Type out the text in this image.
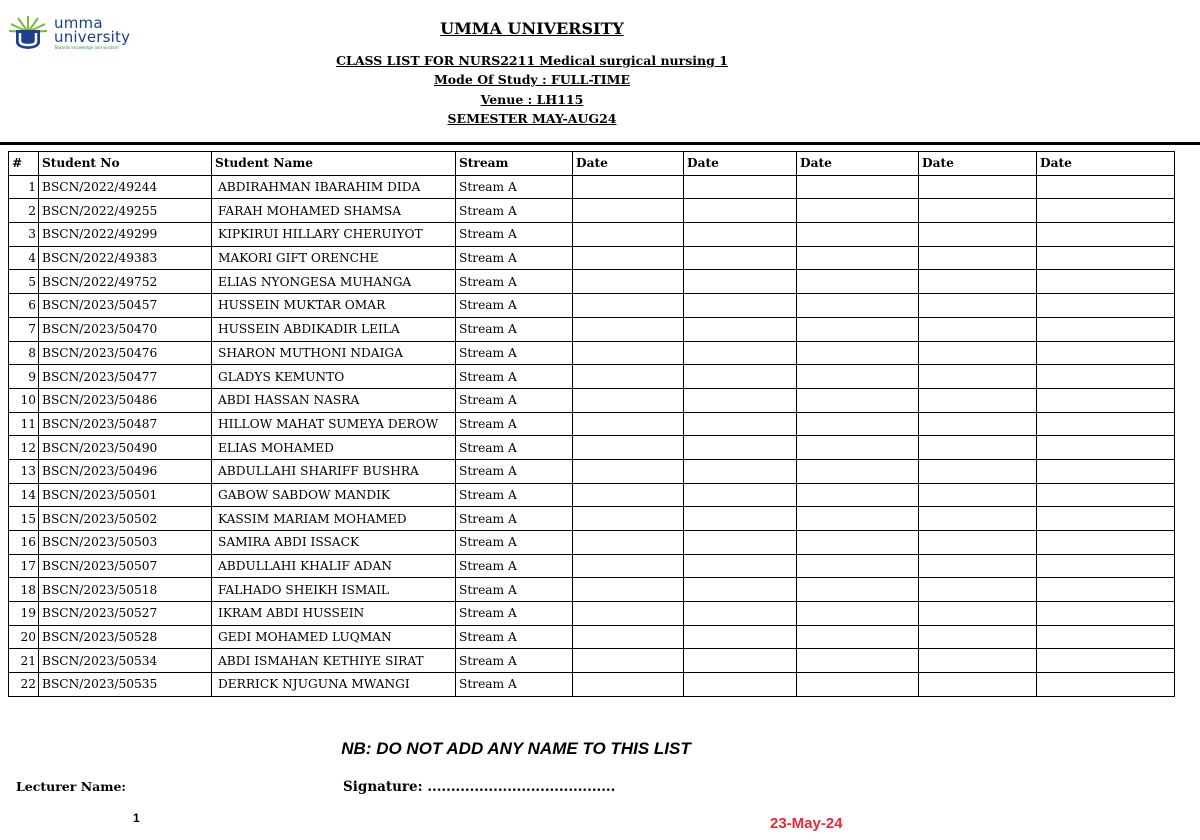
umma
university
Towards knowledge and wisdom
UMMA UNIVERSITY
CLASS LIST FOR NURS2211 Medical surgical nursing 1
Mode Of Study : FULL-TIME
Venue : LH115
SEMESTER MAY-AUG24
#	Student No	Student Name	Stream	Date	Date	Date	Date	Date
1	BSCN/2022/49244	ABDIRAHMAN IBARAHIM DIDA	Stream A					
2	BSCN/2022/49255	FARAH MOHAMED SHAMSA	Stream A					
3	BSCN/2022/49299	KIPKIRUI HILLARY CHERUIYOT	Stream A					
4	BSCN/2022/49383	MAKORI GIFT ORENCHE	Stream A					
5	BSCN/2022/49752	ELIAS NYONGESA MUHANGA	Stream A					
6	BSCN/2023/50457	HUSSEIN MUKTAR OMAR	Stream A					
7	BSCN/2023/50470	HUSSEIN ABDIKADIR LEILA	Stream A					
8	BSCN/2023/50476	SHARON MUTHONI NDAIGA	Stream A					
9	BSCN/2023/50477	GLADYS KEMUNTO	Stream A					
10	BSCN/2023/50486	ABDI HASSAN NASRA	Stream A					
11	BSCN/2023/50487	HILLOW MAHAT SUMEYA DEROW	Stream A					
12	BSCN/2023/50490	ELIAS MOHAMED	Stream A					
13	BSCN/2023/50496	ABDULLAHI SHARIFF BUSHRA	Stream A					
14	BSCN/2023/50501	GABOW SABDOW MANDIK	Stream A					
15	BSCN/2023/50502	KASSIM MARIAM MOHAMED	Stream A					
16	BSCN/2023/50503	SAMIRA ABDI ISSACK	Stream A					
17	BSCN/2023/50507	ABDULLAHI KHALIF ADAN	Stream A					
18	BSCN/2023/50518	FALHADO SHEIKH ISMAIL	Stream A					
19	BSCN/2023/50527	IKRAM ABDI HUSSEIN	Stream A					
20	BSCN/2023/50528	GEDI MOHAMED LUQMAN	Stream A					
21	BSCN/2023/50534	ABDI ISMAHAN KETHIYE SIRAT	Stream A					
22	BSCN/2023/50535	DERRICK NJUGUNA MWANGI	Stream A					
NB: DO NOT ADD ANY NAME TO THIS LIST
Lecturer Name:	Signature: ........................................
1	23-May-24
